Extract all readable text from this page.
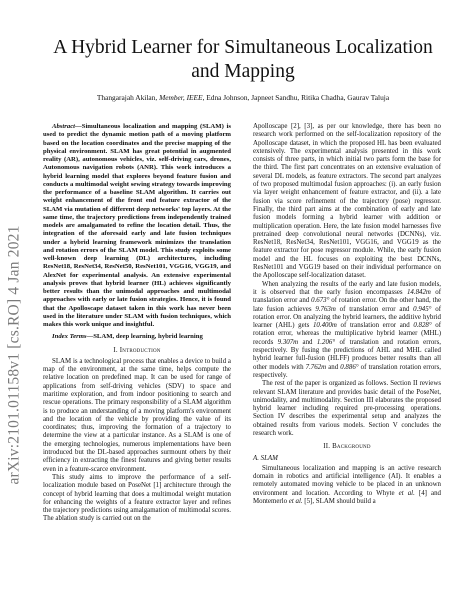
arXiv:2101.01158v1 [cs.RO] 4 Jan 2021
A Hybrid Learner for Simultaneous Localization and Mapping
Thangarajah Akilan, Member, IEEE, Edna Johnson, Japneet Sandhu, Ritika Chadha, Gaurav Taluja

Abstract—Simultaneous localization and mapping (SLAM) is used to predict the dynamic motion path of a moving platform based on the location coordinates and the precise mapping of the physical environment. SLAM has great potential in augmented reality (AR), autonomous vehicles, viz. self-driving cars, drones, Autonomous navigation robots (ANR). This work introduces a hybrid learning model that explores beyond feature fusion and conducts a multimodal weight sewing strategy towards improving the performance of a baseline SLAM algorithm. It carries out weight enhancement of the front end feature extractor of the SLAM via mutation of different deep networks' top layers. At the same time, the trajectory predictions from independently trained models are amalgamated to refine the location detail. Thus, the integration of the aforesaid early and late fusion techniques under a hybrid learning framework minimizes the translation and rotation errors of the SLAM model. This study exploits some well-known deep learning (DL) architectures, including ResNet18, ResNet34, ResNet50, ResNet101, VGG16, VGG19, and AlexNet for experimental analysis. An extensive experimental analysis proves that hybrid learner (HL) achieves significantly better results than the unimodal approaches and multimodal approaches with early or late fusion strategies. Hence, it is found that the Apolloscape dataset taken in this work has never been used in the literature under SLAM with fusion techniques, which makes this work unique and insightful.

Index Terms—SLAM, deep learning, hybrid learning

I. Introduction

SLAM is a technological process that enables a device to build a map of the environment, at the same time, helps compute the relative location on predefined map. It can be used for range of applications from self-driving vehicles (SDV) to space and maritime exploration, and from indoor positioning to search and rescue operations. The primary responsibility of a SLAM algorithm is to produce an understanding of a moving platform's environment and the location of the vehicle by providing the value of its coordinates; thus, improving the formation of a trajectory to determine the view at a particular instance. As a SLAM is one of the emerging technologies, numerous implementations have been introduced but the DL-based approaches surmount others by their efficiency in extracting the finest features and giving better results even in a feature-scarce environment.

This study aims to improve the performance of a self-localization module based on PoseNet [1] architecture through the concept of hybrid learning that does a multimodal weight mutation for enhancing the weights of a feature extractor layer and refines the trajectory predictions using amalgamation of multimodal scores. The ablation study is carried out on the

Apolloscape [2], [3], as per our knowledge, there has been no research work performed on the self-localization repository of the Apolloscape dataset, in which the proposed HL has been evaluated extensively. The experimental analysis presented in this work consists of three parts, in which initial two parts form the base for the third. The first part concentrates on an extensive evaluation of several DL models, as feature extractors. The second part analyzes of two proposed multimodal fusion approaches: (i). an early fusion via layer weight enhancement of feature extractor, and (ii). a late fusion via score refinement of the trajectory (pose) regressor. Finally, the third part aims at the combination of early and late fusion models forming a hybrid learner with addition or multiplication operation. Here, the late fusion model harnesses five pretrained deep convolutional neural networks (DCNNs), viz. ResNet18, ResNet34, ResNet101, VGG16, and VGG19 as the feature extractor for pose regressor module. While, the early fusion model and the HL focuses on exploiting the best DCNNs, ResNet101 and VGG19 based on their individual performance on the Apolloscape self-localization dataset.

When analyzing the results of the early and late fusion models, it is observed that the early fusion encompasses 14.842m of translation error and 0.673° of rotation error. On the other hand, the late fusion achieves 9.763m of translation error and 0.945° of rotation error. On analyzing the hybrid learners, the additive hybrid learner (AHL) gets 10.400m of translation error and 0.828° of rotation error, whereas the multiplicative hybrid learner (MHL) records 9.307m and 1.206° of translation and rotation errors, respectively. By fusing the predictions of AHL and MHL called hybrid learner full-fusion (HLFF) produces better results than all other models with 7.762m and 0.886° of translation rotation errors, respectively.

The rest of the paper is organized as follows. Section II reviews relevant SLAM literature and provides basic detail of the PoseNet, unimodality, and multimodality. Section III elaborates the proposed hybrid learner including required pre-processing operations. Section IV describes the experimental setup and analyzes the obtained results from various models. Section V concludes the research work.

II. Background
A. SLAM

Simultaneous localization and mapping is an active research domain in robotics and artificial intelligence (AI). It enables a remotely automated moving vehicle to be placed in an unknown environment and location. According to Whyte et al. [4] and Montemerlo et al. [5], SLAM should build a
